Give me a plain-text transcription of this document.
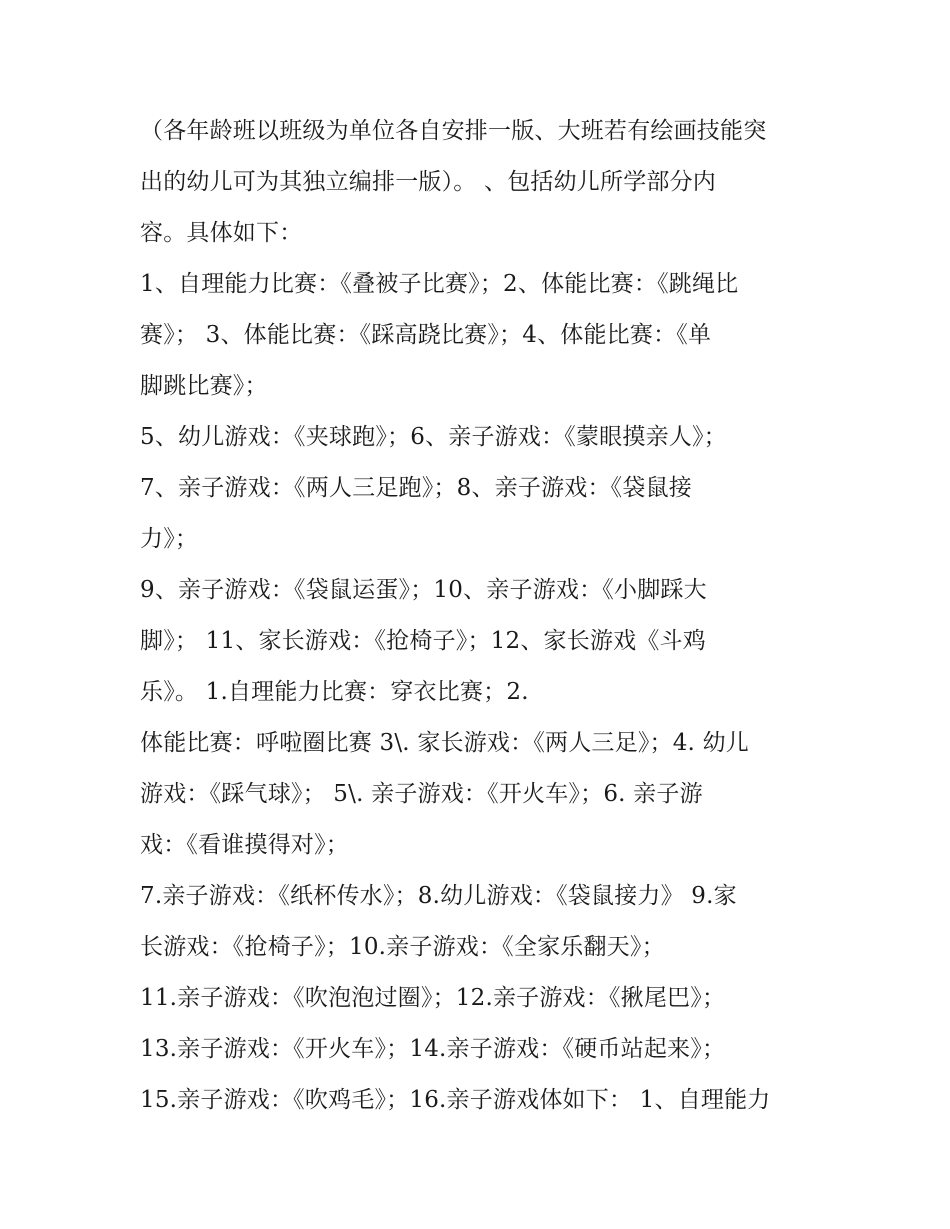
（各年龄班以班级为单位各自安排一版、大班若有绘画技能突
出的幼儿可为其独立编排一版）。 、包括幼儿所学部分内
容。具体如下：
1、自理能力比赛：《叠被子比赛》；2、体能比赛：《跳绳比
赛》； 3、体能比赛：《踩高跷比赛》；4、体能比赛：《单
脚跳比赛》；
5、幼儿游戏：《夹球跑》；6、亲子游戏：《蒙眼摸亲人》；
7、亲子游戏：《两人三足跑》；8、亲子游戏：《袋鼠接
力》；
9、亲子游戏：《袋鼠运蛋》；10、亲子游戏：《小脚踩大
脚》； 11、家长游戏：《抢椅子》；12、家长游戏《斗鸡
乐》。 1.自理能力比赛：穿衣比赛；2.
体能比赛：呼啦圈比赛 3\. 家长游戏：《两人三足》；4. 幼儿
游戏：《踩气球》； 5\. 亲子游戏：《开火车》；6. 亲子游
戏：《看谁摸得对》；
7.亲子游戏：《纸杯传水》；8.幼儿游戏：《袋鼠接力》 9.家
长游戏：《抢椅子》；10.亲子游戏：《全家乐翻天》；
11.亲子游戏：《吹泡泡过圈》；12.亲子游戏：《揪尾巴》；
13.亲子游戏：《开火车》；14.亲子游戏：《硬币站起来》；
15.亲子游戏：《吹鸡毛》；16.亲子游戏体如下： 1、自理能力
